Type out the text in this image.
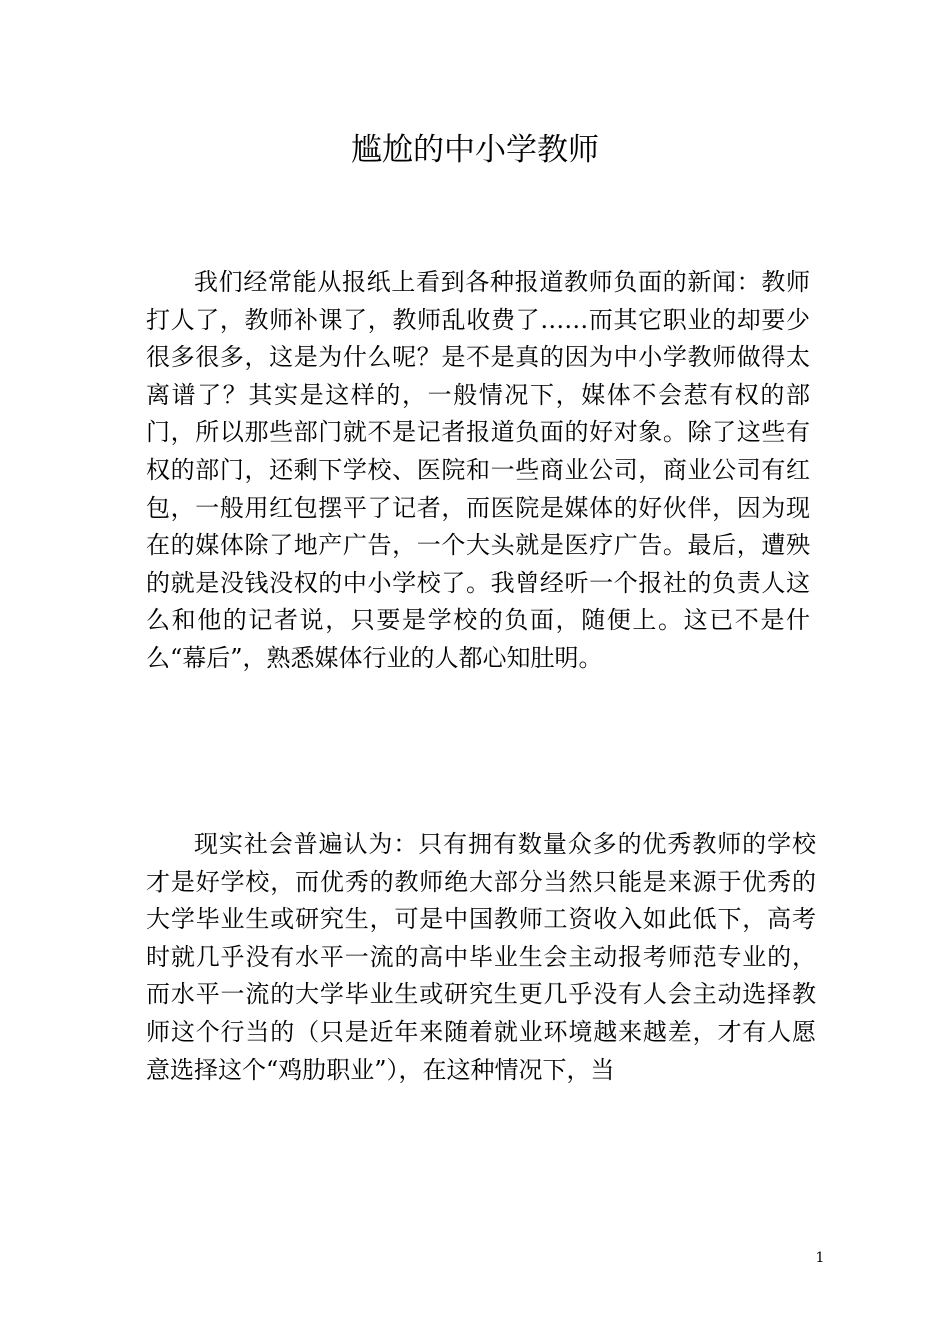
尴尬的中小学教师

我们经常能从报纸上看到各种报道教师负面的新闻：教师打人了，教师补课了，教师乱收费了……而其它职业的却要少很多很多，这是为什么呢？是不是真的因为中小学教师做得太离谱了？其实是这样的，一般情况下，媒体不会惹有权的部门，所以那些部门就不是记者报道负面的好对象。除了这些有权的部门，还剩下学校、医院和一些商业公司，商业公司有红包，一般用红包摆平了记者，而医院是媒体的好伙伴，因为现在的媒体除了地产广告，一个大头就是医疗广告。最后，遭殃的就是没钱没权的中小学校了。我曾经听一个报社的负责人这么和他的记者说，只要是学校的负面，随便上。这已不是什么“幕后”，熟悉媒体行业的人都心知肚明。

现实社会普遍认为：只有拥有数量众多的优秀教师的学校才是好学校，而优秀的教师绝大部分当然只能是来源于优秀的大学毕业生或研究生，可是中国教师工资收入如此低下，高考时就几乎没有水平一流的高中毕业生会主动报考师范专业的，而水平一流的大学毕业生或研究生更几乎没有人会主动选择教师这个行当的（只是近年来随着就业环境越来越差，才有人愿意选择这个“鸡肋职业”），在这种情况下，当

1
